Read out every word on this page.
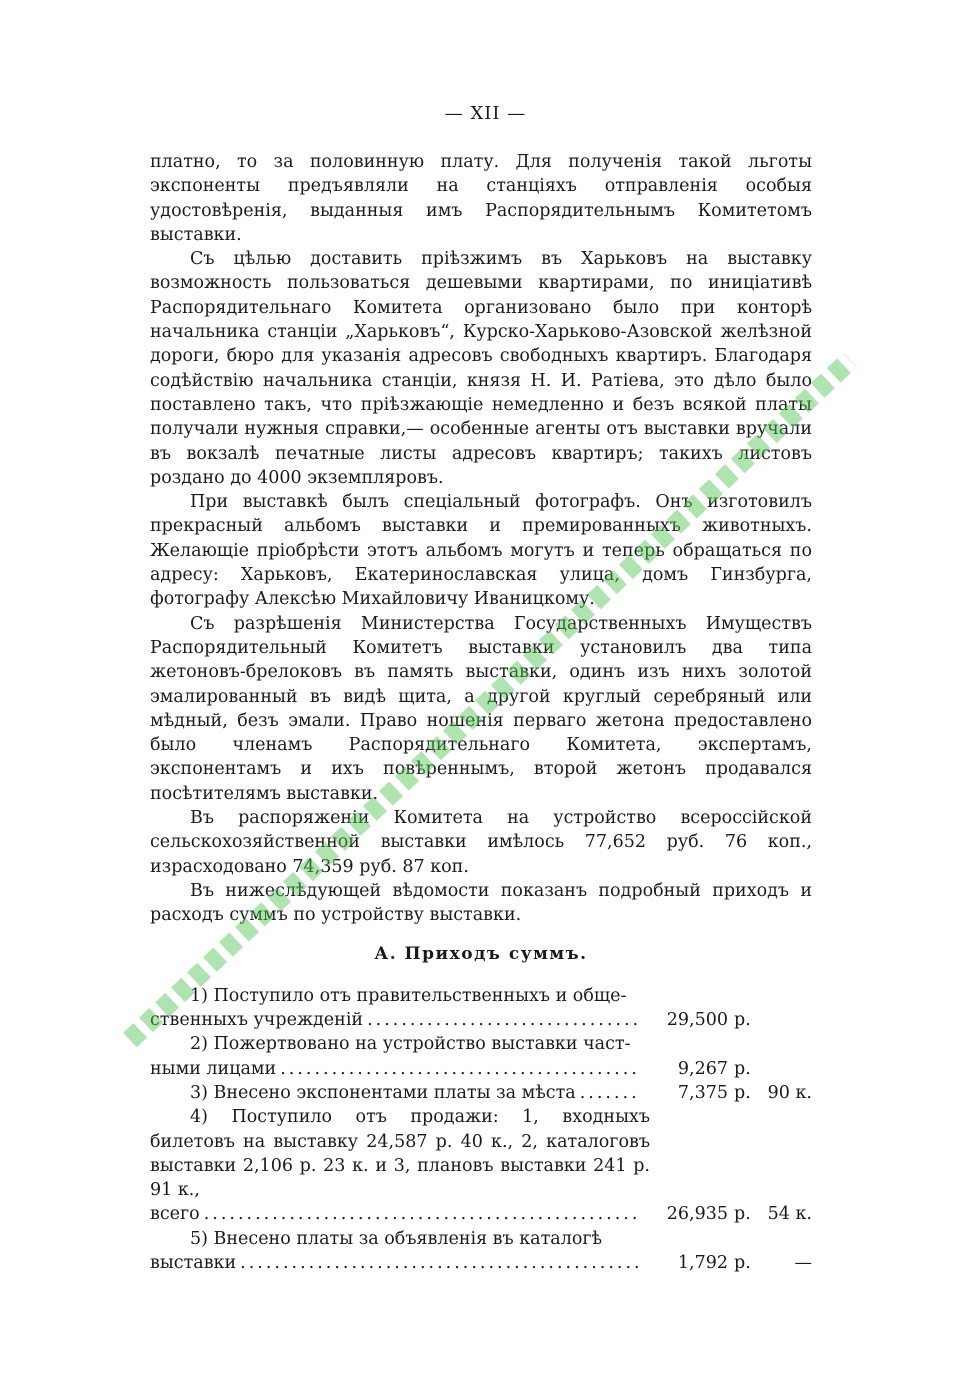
— XII —

платно, то за половинную плату. Для полученія такой льготы экспоненты предъявляли на станціяхъ отправленія особыя удостовѣренія, выданныя имъ Распорядительнымъ Комитетомъ выставки.

Съ цѣлью доставить пріѣзжимъ въ Харьковъ на выставку возможность пользоваться дешевыми квартирами, по иниціативѣ Распорядительнаго Комитета организовано было при конторѣ начальника станціи „Харьковъ“, Курско-Харьково-Азовской желѣзной дороги, бюро для указанія адресовъ свободныхъ квартиръ. Благодаря содѣйствію начальника станціи, князя Н. И. Ратіева, это дѣло было поставлено такъ, что пріѣзжающіе немедленно и безъ всякой платы получали нужныя справки,— особенные агенты отъ выставки вручали въ вокзалѣ печатные листы адресовъ квартиръ; такихъ листовъ роздано до 4000 экземпляровъ.

При выставкѣ былъ спеціальный фотографъ. Онъ изготовилъ прекрасный альбомъ выставки и премированныхъ животныхъ. Желающіе пріобрѣсти этотъ альбомъ могутъ и теперь обращаться по адресу: Харьковъ, Екатеринославская улица, домъ Гинзбурга, фотографу Алексѣю Михайловичу Иваницкому.

Съ разрѣшенія Министерства Государственныхъ Имуществъ Распорядительный Комитетъ выставки установилъ два типа жетоновъ-брелоковъ въ память выставки, одинъ изъ нихъ золотой эмалированный въ видѣ щита, а другой круглый серебряный или мѣдный, безъ эмали. Право ношенія перваго жетона предоставлено было членамъ Распорядительнаго Комитета, экспертамъ, экспонентамъ и ихъ повѣреннымъ, второй жетонъ продавался посѣтителямъ выставки.

Въ распоряженіи Комитета на устройство всероссійской сельскохозяйственной выставки имѣлось 77,652 руб. 76 коп., израсходовано 74,359 руб. 87 коп.

Въ нижеслѣдующей вѣдомости показанъ подробный приходъ и расходъ суммъ по устройству выставки.

А. Приходъ суммъ.

1) Поступило отъ правительственныхъ и обще-

ственныхъ учрежденій .....	29,500 р.

2) Пожертвовано на устройство выставки част-

ными лицами .....	9,267 р.
3) Внесено экспонентами платы за мѣста .....	7,375 р. 90 к.

4) Поступило отъ продажи: 1, входныхъ билетовъ на выставку 24,587 р. 40 к., 2, каталоговъ выставки 2,106 р. 23 к. и 3, плановъ выставки 241 р. 91 к.,

всего .....	26,935 р. 54 к.

5) Внесено платы за объявленія въ каталогѣ

выставки .....	1,792 р.	—
